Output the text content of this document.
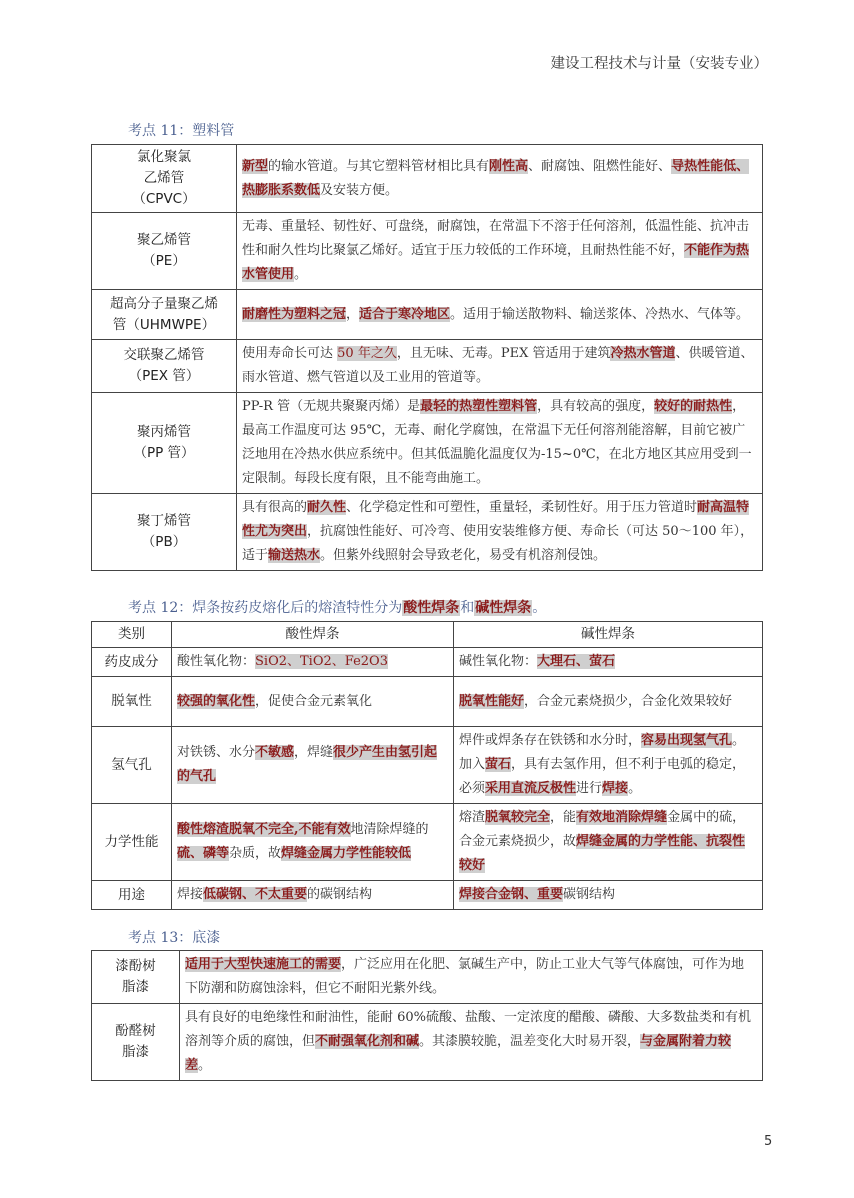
建设工程技术与计量（安装专业）
考点 11：塑料管
氯化聚氯
乙烯管
（CPVC）	新型的输水管道。与其它塑料管材相比具有刚性高、耐腐蚀、阻燃性能好、导热性能低、热膨胀系数低及安装方便。
聚乙烯管
（PE）	无毒、重量轻、韧性好、可盘绕，耐腐蚀，在常温下不溶于任何溶剂，低温性能、抗冲击性和耐久性均比聚氯乙烯好。适宜于压力较低的工作环境，且耐热性能不好，不能作为热水管使用。
超高分子量聚乙烯
管（UHMWPE）	耐磨性为塑料之冠，适合于寒冷地区。适用于输送散物料、输送浆体、冷热水、气体等。
交联聚乙烯管
（PEX 管）	使用寿命长可达 50 年之久，且无味、无毒。PEX 管适用于建筑冷热水管道、供暖管道、雨水管道、燃气管道以及工业用的管道等。
聚丙烯管
（PP 管）	PP-R 管（无规共聚聚丙烯）是最轻的热塑性塑料管，具有较高的强度，较好的耐热性，最高工作温度可达 95℃，无毒、耐化学腐蚀，在常温下无任何溶剂能溶解，目前它被广泛地用在冷热水供应系统中。但其低温脆化温度仅为-15~0℃，在北方地区其应用受到一定限制。每段长度有限，且不能弯曲施工。
聚丁烯管
（PB）	具有很高的耐久性、化学稳定性和可塑性，重量轻，柔韧性好。用于压力管道时耐高温特性尤为突出，抗腐蚀性能好、可冷弯、使用安装维修方便、寿命长（可达 50～100 年），适于输送热水。但紫外线照射会导致老化，易受有机溶剂侵蚀。
考点 12：焊条按药皮熔化后的熔渣特性分为酸性焊条和碱性焊条。
类别	酸性焊条	碱性焊条
药皮成分	酸性氧化物：SiO2、TiO2、Fe2O3	碱性氧化物：大理石、萤石
脱氧性	较强的氧化性，促使合金元素氧化	脱氧性能好，合金元素烧损少，合金化效果较好
氢气孔	对铁锈、水分不敏感，焊缝很少产生由氢引起的气孔	焊件或焊条存在铁锈和水分时，容易出现氢气孔。加入萤石，具有去氢作用，但不利于电弧的稳定，必须采用直流反极性进行焊接。
力学性能	酸性熔渣脱氧不完全,不能有效地清除焊缝的硫、磷等杂质，故焊缝金属力学性能较低	熔渣脱氧较完全，能有效地消除焊缝金属中的硫，合金元素烧损少，故焊缝金属的力学性能、抗裂性较好
用途	焊接低碳钢、不太重要的碳钢结构	焊接合金钢、重要碳钢结构
考点 13：底漆
漆酚树
脂漆	适用于大型快速施工的需要，广泛应用在化肥、氯碱生产中，防止工业大气等气体腐蚀，可作为地下防潮和防腐蚀涂料，但它不耐阳光紫外线。
酚醛树
脂漆	具有良好的电绝缘性和耐油性，能耐 60%硫酸、盐酸、一定浓度的醋酸、磷酸、大多数盐类和有机溶剂等介质的腐蚀，但不耐强氧化剂和碱。其漆膜较脆，温差变化大时易开裂，与金属附着力较差。
5
